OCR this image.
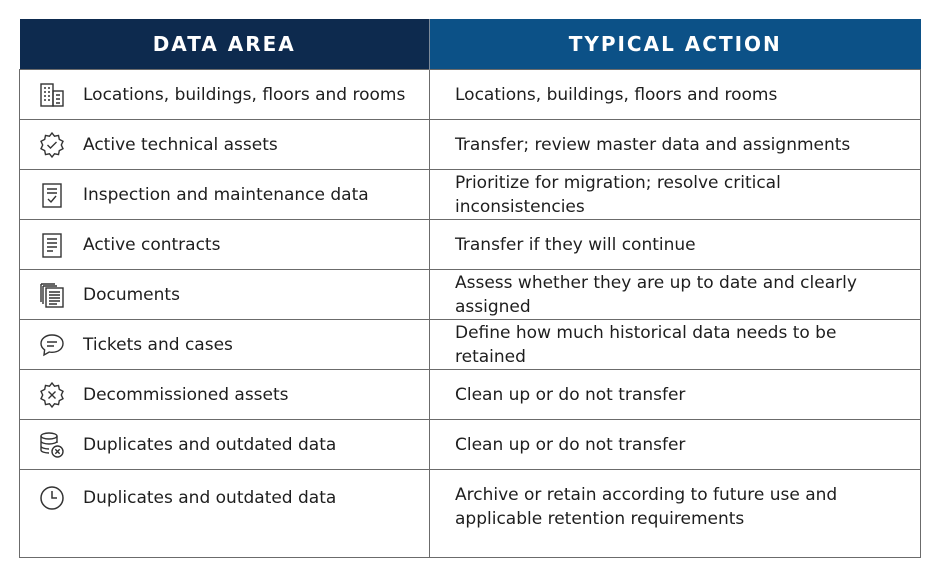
DATA AREA	TYPICAL ACTION

Locations, buildings, floors and rooms	Locations, buildings, floors and rooms

Active technical assets	Transfer; review master data and assignments

Inspection and maintenance data	Prioritize for migration; resolve critical inconsistencies

Active contracts	Transfer if they will continue

Documents	Assess whether they are up to date and clearly assigned

Tickets and cases	Define how much historical data needs to be retained

Decommissioned assets	Clean up or do not transfer

Duplicates and outdated data	Clean up or do not transfer

Duplicates and outdated data	Archive or retain according to future use and applicable retention requirements
